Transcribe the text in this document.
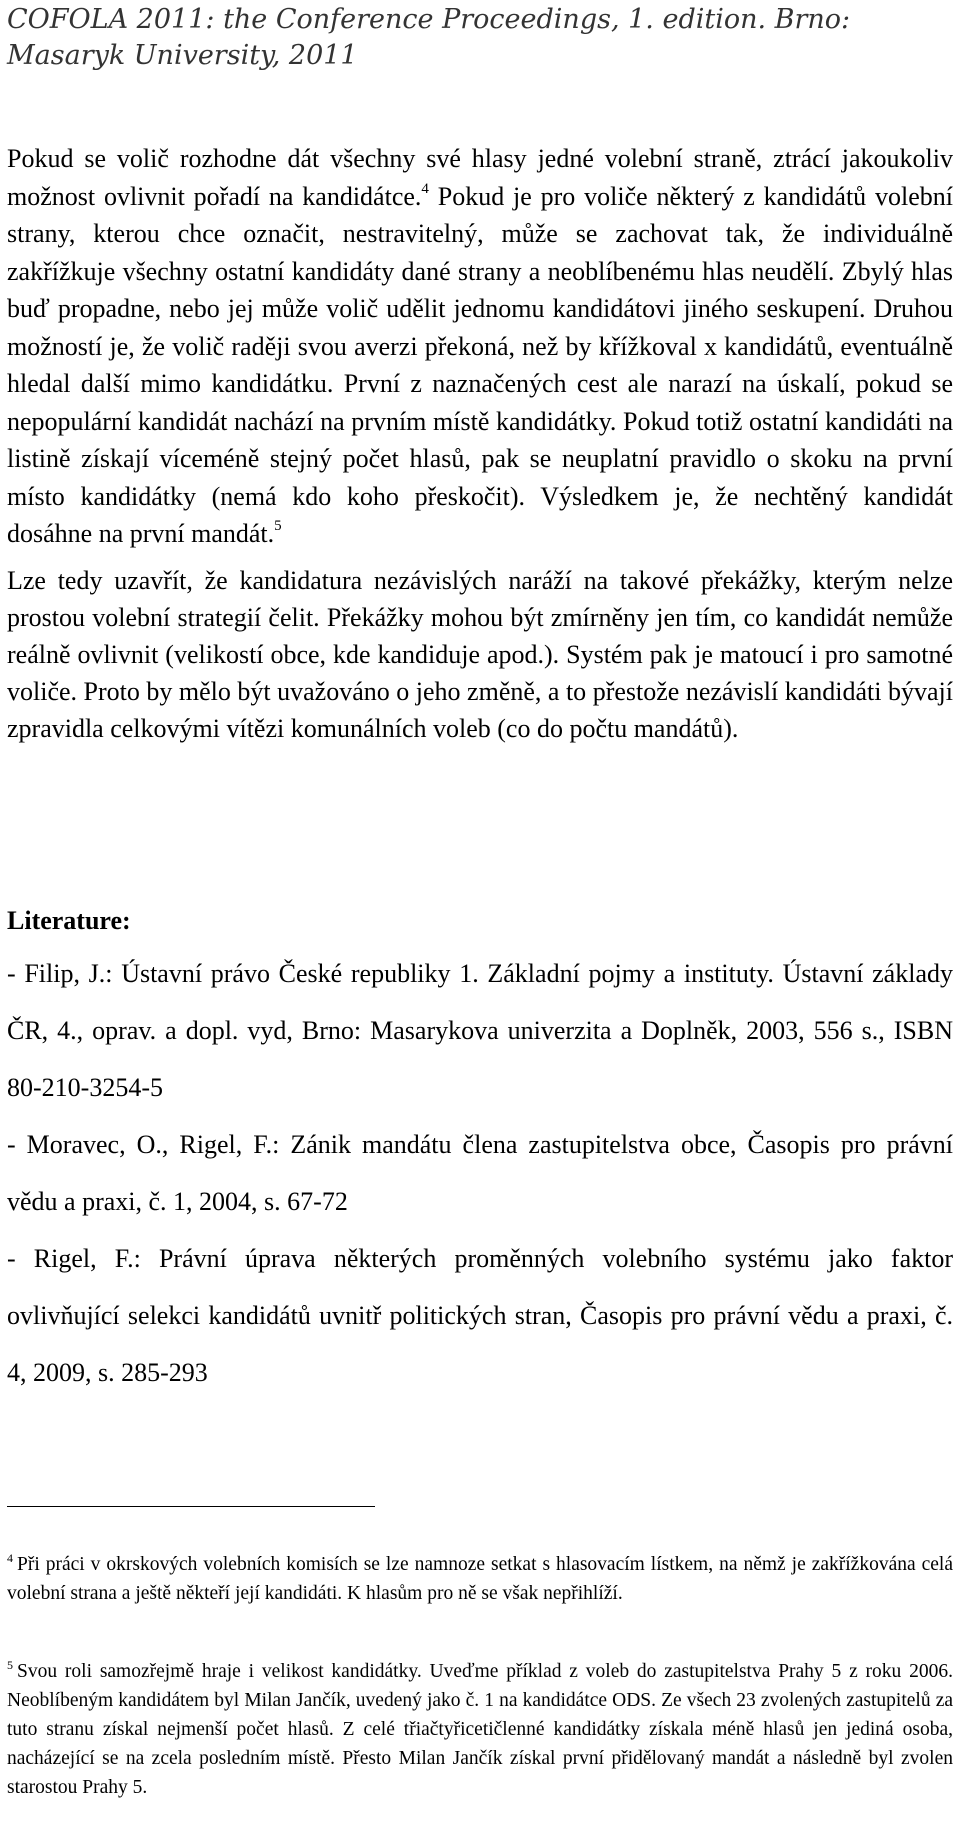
COFOLA 2011: the Conference Proceedings, 1. edition. Brno: Masaryk University, 2011
Pokud se volič rozhodne dát všechny své hlasy jedné volební straně, ztrácí jakoukoliv možnost ovlivnit pořadí na kandidátce.$^4$ Pokud je pro voliče některý z kandidátů volební strany, kterou chce označit, nestravitelný, může se zachovat tak, že individuálně zakřížkuje všechny ostatní kandidáty dané strany a neoblíbenému hlas neudělí. Zbylý hlas buď propadne, nebo jej může volič udělit jednomu kandidátovi jiného seskupení. Druhou možností je, že volič raději svou averzi překoná, než by křížkoval x kandidátů, eventuálně hledal další mimo kandidátku. První z naznačených cest ale narazí na úskalí, pokud se nepopulární kandidát nachází na prvním místě kandidátky. Pokud totiž ostatní kandidáti na listině získají víceméně stejný počet hlasů, pak se neuplatní pravidlo o skoku na první místo kandidátky (nemá kdo koho přeskočit). Výsledkem je, že nechtěný kandidát dosáhne na první mandát.$^5$
Lze tedy uzavřít, že kandidatura nezávislých naráží na takové překážky, kterým nelze prostou volební strategií čelit. Překážky mohou být zmírněny jen tím, co kandidát nemůže reálně ovlivnit (velikostí obce, kde kandiduje apod.). Systém pak je matoucí i pro samotné voliče. Proto by mělo být uvažováno o jeho změně, a to přestože nezávislí kandidáti bývají zpravidla celkovými vítězi komunálních voleb (co do počtu mandátů).
Literature:
- Filip, J.: Ústavní právo České republiky 1. Základní pojmy a instituty. Ústavní základy ČR, 4., oprav. a dopl. vyd, Brno: Masarykova univerzita a Doplněk, 2003, 556 s., ISBN 80-210-3254-5
- Moravec, O., Rigel, F.: Zánik mandátu člena zastupitelstva obce, Časopis pro právní vědu a praxi, č. 1, 2004, s. 67-72
- Rigel, F.: Právní úprava některých proměnných volebního systému jako faktor ovlivňující selekci kandidátů uvnitř politických stran, Časopis pro právní vědu a praxi, č. 4, 2009, s. 285-293
$^4$ Při práci v okrskových volebních komisích se lze namnoze setkat s hlasovacím lístkem, na němž je zakřížkována celá volební strana a ještě někteří její kandidáti. K hlasům pro ně se však nepřihlíží.
$^5$ Svou roli samozřejmě hraje i velikost kandidátky. Uveďme příklad z voleb do zastupitelstva Prahy 5 z roku 2006. Neoblíbeným kandidátem byl Milan Jančík, uvedený jako č. 1 na kandidátce ODS. Ze všech 23 zvolených zastupitelů za tuto stranu získal nejmenší počet hlasů. Z celé třiačtyřicetičlenné kandidátky získala méně hlasů jen jediná osoba, nacházející se na zcela posledním místě. Přesto Milan Jančík získal první přidělovaný mandát a následně byl zvolen starostou Prahy 5.
